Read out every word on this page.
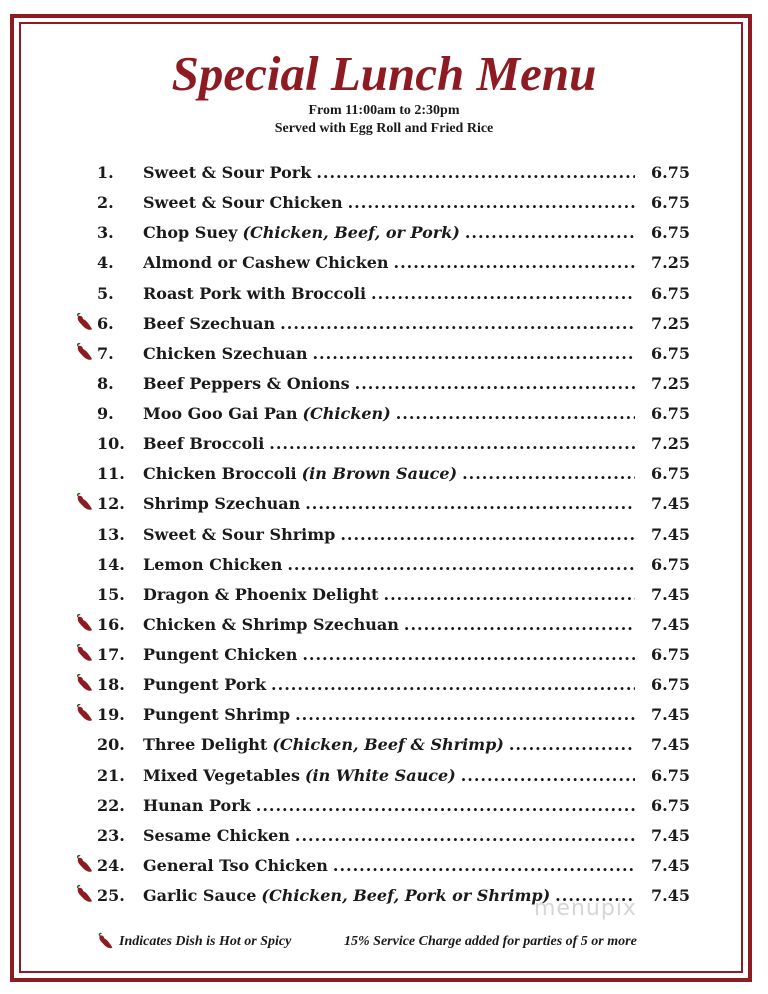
Special Lunch Menu
From 11:00am to 2:30pm
Served with Egg Roll and Fried Rice
1. Sweet & Sour Pork .....	6.75
2. Sweet & Sour Chicken .....	6.75
3. Chop Suey (Chicken, Beef, or Pork) .....	6.75
4. Almond or Cashew Chicken .....	7.25
5. Roast Pork with Broccoli .....	6.75
6. Beef Szechuan .....	7.25
7. Chicken Szechuan .....	6.75
8. Beef Peppers & Onions .....	7.25
9. Moo Goo Gai Pan (Chicken) .....	6.75
10. Beef Broccoli .....	7.25
11. Chicken Broccoli (in Brown Sauce) .....	6.75
12. Shrimp Szechuan .....	7.45
13. Sweet & Sour Shrimp .....	7.45
14. Lemon Chicken .....	6.75
15. Dragon & Phoenix Delight .....	7.45
16. Chicken & Shrimp Szechuan .....	7.45
17. Pungent Chicken .....	6.75
18. Pungent Pork .....	6.75
19. Pungent Shrimp .....	7.45
20. Three Delight (Chicken, Beef & Shrimp) .....	7.45
21. Mixed Vegetables (in White Sauce) .....	6.75
22. Hunan Pork .....	6.75
23. Sesame Chicken .....	7.45
24. General Tso Chicken .....	7.45
25. Garlic Sauce (Chicken, Beef, Pork or Shrimp) .....	7.45
Indicates Dish is Hot or Spicy	15% Service Charge added for parties of 5 or more
menupix
